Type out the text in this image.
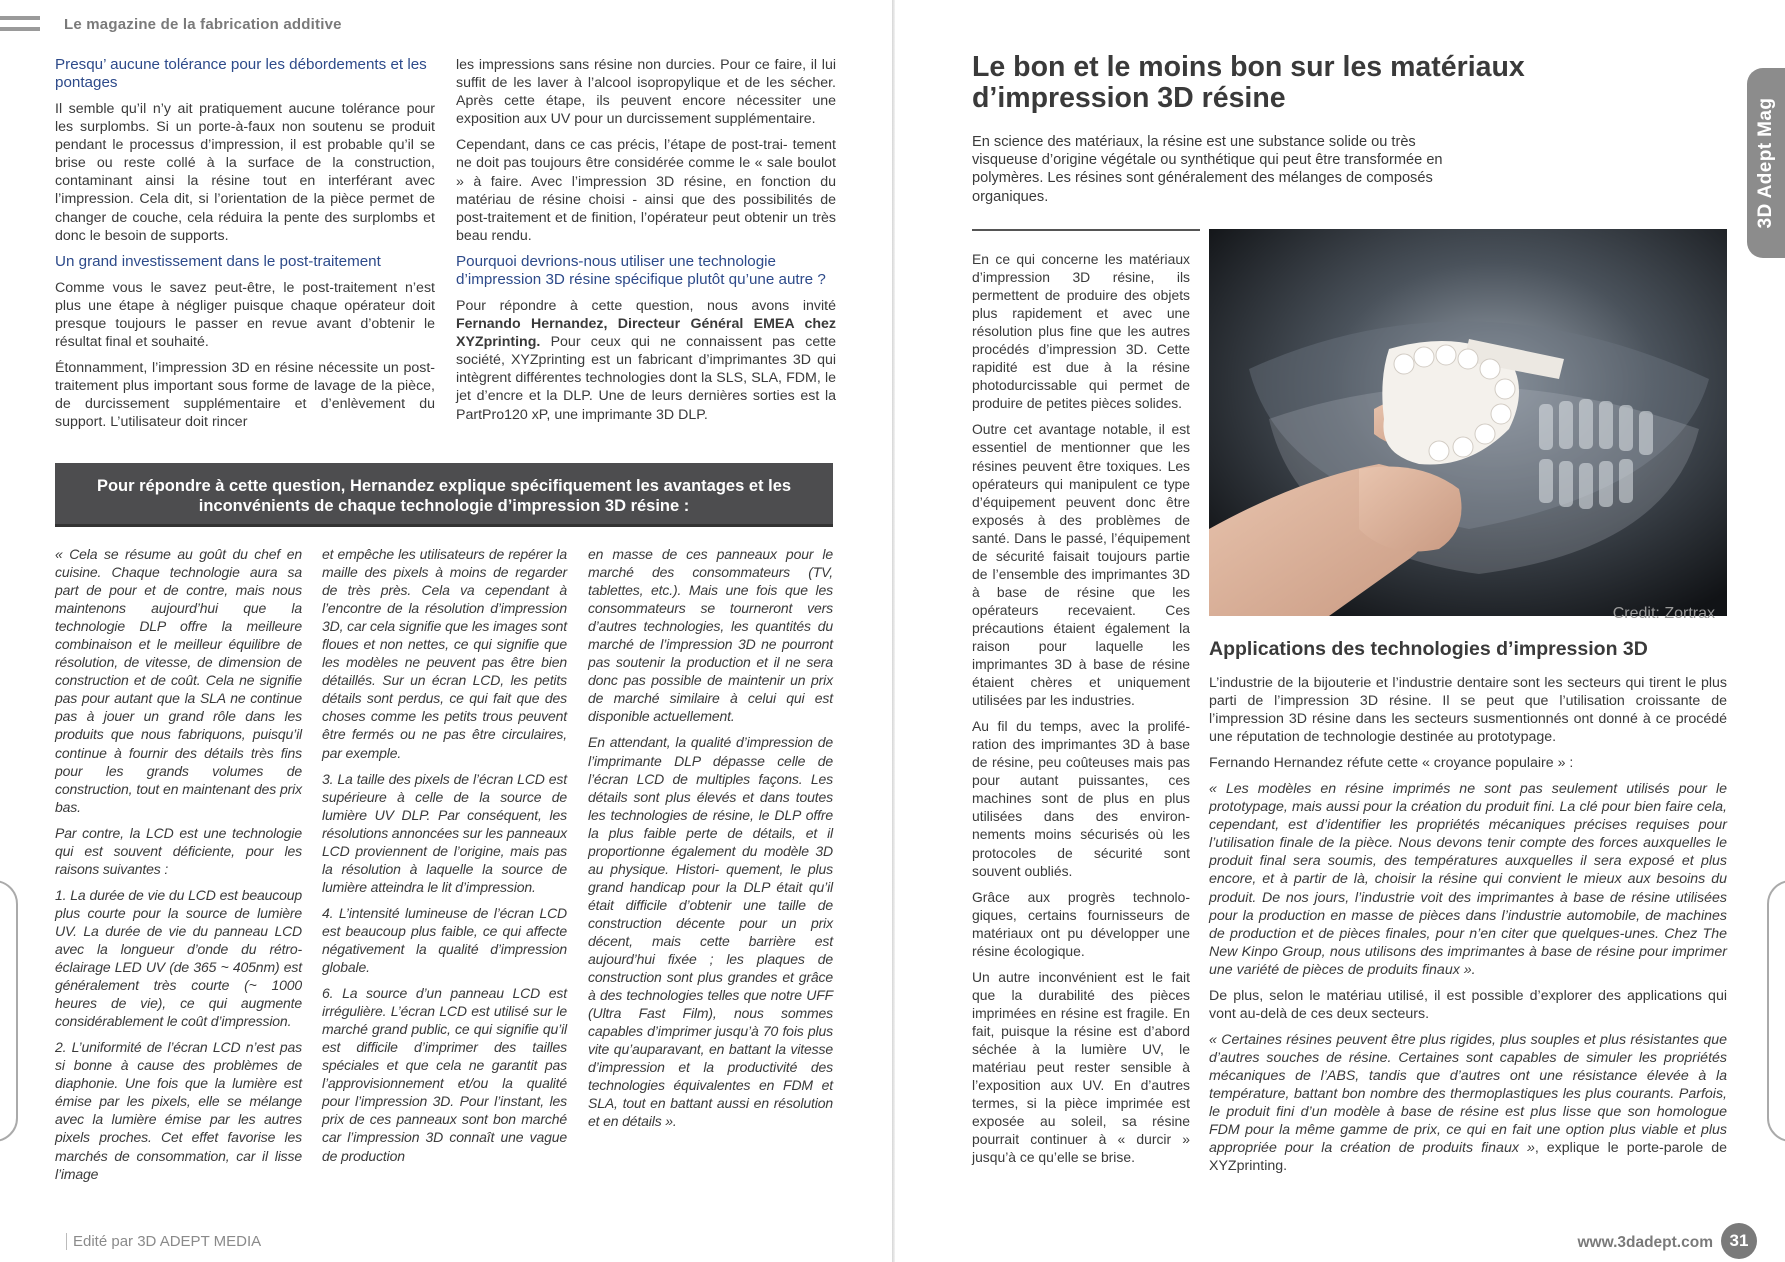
Le magazine de la fabrication additive
Presqu’ aucune tolérance pour les débordements et les pontages

Il semble qu’il n’y ait pratiquement aucune tolérance pour les surplombs. Si un porte-à-faux non soutenu se produit pendant le processus d’impression, il est probable qu’il se brise ou reste collé à la surface de la construction, contaminant ainsi la résine tout en interférant avec l’impression. Cela dit, si l’orientation de la pièce permet de changer de couche, cela réduira la pente des surplombs et donc le besoin de supports.

Un grand investissement dans le post-traitement

Comme vous le savez peut-être, le post-traitement n’est plus une étape à négliger puisque chaque opérateur doit presque toujours le passer en revue avant d’obtenir le résultat final et souhaité.

Étonnamment, l’impression 3D en résine nécessite un post-traitement plus important sous forme de lavage de la pièce, de durcissement supplémentaire et d’enlèvement du support. L’utilisateur doit rincer

les impressions sans résine non durcies. Pour ce faire, il lui suffit de les laver à l’alcool isopropylique et de les sécher. Après cette étape, ils peuvent encore nécessiter une exposition aux UV pour un durcissement supplémentaire.

Cependant, dans ce cas précis, l’étape de post-trai- tement ne doit pas toujours être considérée comme le « sale boulot » à faire. Avec l’impression 3D résine, en fonction du matériau de résine choisi - ainsi que des possibilités de post-traitement et de finition, l’opérateur peut obtenir un très beau rendu.

Pourquoi devrions-nous utiliser une technologie d’impression 3D résine spécifique plutôt qu’une autre ?

Pour répondre à cette question, nous avons invité Fernando Hernandez, Directeur Général EMEA chez XYZprinting. Pour ceux qui ne connaissent pas cette société, XYZprinting est un fabricant d’imprimantes 3D qui intègrent différentes technologies dont la SLS, SLA, FDM, le jet d’encre et la DLP. Une de leurs dernières sorties est la PartPro120 xP, une imprimante 3D DLP.

Pour répondre à cette question, Hernandez explique spécifiquement les avantages et les inconvénients de chaque technologie d’impression 3D résine :

« Cela se résume au goût du chef en cuisine. Chaque technologie aura sa part de pour et de contre, mais nous maintenons aujourd’hui que la technologie DLP offre la meilleure combinaison et le meilleur équilibre de résolution, de vitesse, de dimension de construction et de coût. Cela ne signifie pas pour autant que la SLA ne continue pas à jouer un grand rôle dans les produits que nous fabriquons, puisqu’il continue à fournir des détails très fins pour les grands volumes de construction, tout en maintenant des prix bas.

Par contre, la LCD est une technologie qui est souvent déficiente, pour les raisons suivantes :

1. La durée de vie du LCD est beaucoup plus courte pour la source de lumière UV. La durée de vie du panneau LCD avec la longueur d’onde du rétro-éclairage LED UV (de 365 ~ 405nm) est généralement très courte (~ 1000 heures de vie), ce qui augmente considérablement le coût d’impression.

2. L’uniformité de l’écran LCD n’est pas si bonne à cause des problèmes de diaphonie. Une fois que la lumière est émise par les pixels, elle se mélange avec la lumière émise par les autres pixels proches. Cet effet favorise les marchés de consommation, car il lisse l’image

et empêche les utilisateurs de repérer la maille des pixels à moins de regarder de très près. Cela va cependant à l’encontre de la résolution d’impression 3D, car cela signifie que les images sont floues et non nettes, ce qui signifie que les modèles ne peuvent pas être bien détaillés. Sur un écran LCD, les petits détails sont perdus, ce qui fait que des choses comme les petits trous peuvent être fermés ou ne pas être circulaires, par exemple.

3. La taille des pixels de l’écran LCD est supérieure à celle de la source de lumière UV DLP. Par conséquent, les résolutions annoncées sur les panneaux LCD proviennent de l’origine, mais pas la résolution à laquelle la source de lumière atteindra le lit d’impression.

4. L’intensité lumineuse de l’écran LCD est beaucoup plus faible, ce qui affecte négativement la qualité d’impression globale.

6. La source d’un panneau LCD est irrégulière. L’écran LCD est utilisé sur le marché grand public, ce qui signifie qu’il est difficile d’imprimer des tailles spéciales et que cela ne garantit pas l’approvisionnement et/ou la qualité pour l’impression 3D. Pour l’instant, les prix de ces panneaux sont bon marché car l’impression 3D connaît une vague de production

en masse de ces panneaux pour le marché des consommateurs (TV, tablettes, etc.). Mais une fois que les consommateurs se tourneront vers d’autres technologies, les quantités du marché de l’impression 3D ne pourront pas soutenir la production et il ne sera donc pas possible de maintenir un prix de marché similaire à celui qui est disponible actuellement.

En attendant, la qualité d’impression de l’imprimante DLP dépasse celle de l’écran LCD de multiples façons. Les détails sont plus élevés et dans toutes les technologies de résine, le DLP offre la plus faible perte de détails, et il proportionne également du modèle 3D au physique. Histori- quement, le plus grand handicap pour la DLP était qu’il était difficile d’obtenir une taille de construction décente pour un prix décent, mais cette barrière est aujourd’hui fixée ; les plaques de construction sont plus grandes et grâce à des technologies telles que notre UFF (Ultra Fast Film), nous sommes capables d’imprimer jusqu’à 70 fois plus vite qu’auparavant, en battant la vitesse d’impression et la productivité des technologies équivalentes en FDM et SLA, tout en battant aussi en résolution et en détails ».

Edité par 3D ADEPT MEDIA
3D Adept Mag
Le bon et le moins bon sur les matériaux d’impression 3D résine
En science des matériaux, la résine est une substance solide ou très visqueuse d’origine végétale ou synthétique qui peut être transformée en polymères. Les résines sont généralement des mélanges de composés organiques.

En ce qui concerne les matériaux d’impression 3D résine, ils permettent de produire des objets plus rapidement et avec une résolution plus fine que les autres procédés d’impression 3D. Cette rapidité est due à la résine photodurcissable qui permet de produire de petites pièces solides.

Outre cet avantage notable, il est essentiel de mentionner que les résines peuvent être toxiques. Les opérateurs qui manipulent ce type d’équipement peuvent donc être exposés à des problèmes de santé. Dans le passé, l’équipement de sécurité faisait toujours partie de l’ensemble des imprimantes 3D à base de résine que les opérateurs recevaient. Ces précautions étaient également la raison pour laquelle les imprimantes 3D à base de résine étaient chères et uniquement utilisées par les industries.

Au fil du temps, avec la prolifé- ration des imprimantes 3D à base de résine, peu coûteuses mais pas pour autant puissantes, ces machines sont de plus en plus utilisées dans des environ- nements moins sécurisés où les protocoles de sécurité sont souvent oubliés.

Grâce aux progrès technolo- giques, certains fournisseurs de matériaux ont pu développer une résine écologique.

Un autre inconvénient est le fait que la durabilité des pièces imprimées en résine est fragile. En fait, puisque la résine est d’abord séchée à la lumière UV, le matériau peut rester sensible à l’exposition aux UV. En d’autres termes, si la pièce imprimée est exposée au soleil, sa résine pourrait continuer à « durcir » jusqu’à ce qu’elle se brise.

Credit: Zortrax
Applications des technologies d’impression 3D

L’industrie de la bijouterie et l’industrie dentaire sont les secteurs qui tirent le plus parti de l’impression 3D résine. Il se peut que l’utilisation croissante de l’impression 3D résine dans les secteurs susmentionnés ont donné à ce procédé une réputation de technologie destinée au prototypage.

Fernando Hernandez réfute cette « croyance populaire » :

« Les modèles en résine imprimés ne sont pas seulement utilisés pour le prototypage, mais aussi pour la création du produit fini. La clé pour bien faire cela, cependant, est d’identifier les propriétés mécaniques précises requises pour l’utilisation finale de la pièce. Nous devons tenir compte des forces auxquelles le produit final sera soumis, des températures auxquelles il sera exposé et plus encore, et à partir de là, choisir la résine qui convient le mieux aux besoins du produit. De nos jours, l’industrie voit des imprimantes à base de résine utilisées pour la production en masse de pièces dans l’industrie automobile, de machines de production et de pièces finales, pour n’en citer que quelques-unes. Chez The New Kinpo Group, nous utilisons des imprimantes à base de résine pour imprimer une variété de pièces de produits finaux ».

De plus, selon le matériau utilisé, il est possible d’explorer des applications qui vont au-delà de ces deux secteurs.

« Certaines résines peuvent être plus rigides, plus souples et plus résistantes que d’autres souches de résine. Certaines sont capables de simuler les propriétés mécaniques de l’ABS, tandis que d’autres ont une résistance élevée à la température, battant bon nombre des thermoplastiques les plus courants. Parfois, le produit fini d’un modèle à base de résine est plus lisse que son homologue FDM pour la même gamme de prix, ce qui en fait une option plus viable et plus appropriée pour la création de produits finaux », explique le porte-parole de XYZprinting.

www.3dadept.com 31
